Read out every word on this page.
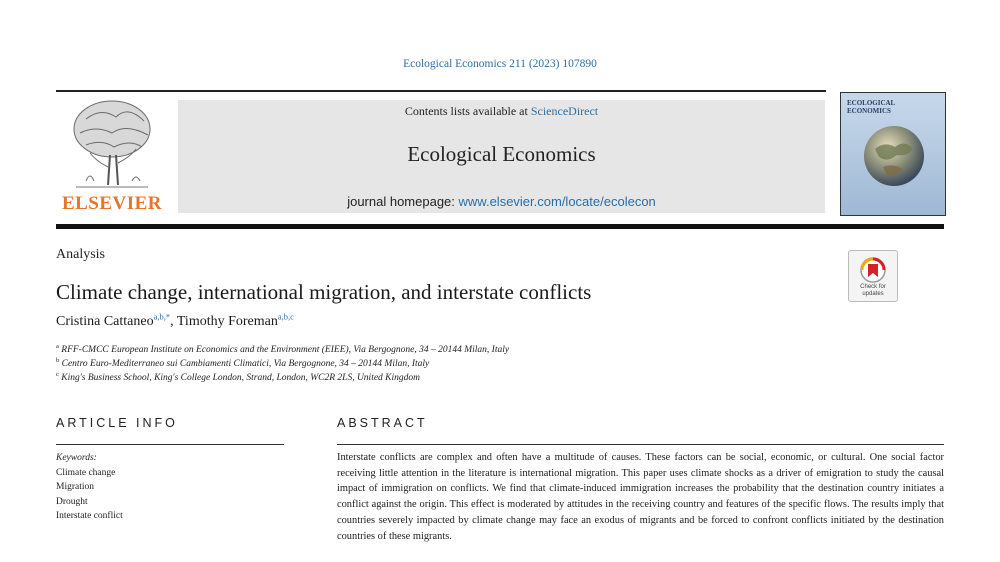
Ecological Economics 211 (2023) 107890
ELSEVIER
Contents lists available at ScienceDirect
Ecological Economics
journal homepage: www.elsevier.com/locate/ecolecon
ECOLOGICAL
ECONOMICS
Analysis
Check for updates
Climate change, international migration, and interstate conflicts
Cristina Cattaneo$^{a,b,*}$, Timothy Foreman$^{a,b,c}$
$^a$ RFF-CMCC European Institute on Economics and the Environment (EIEE), Via Bergognone, 34 – 20144 Milan, Italy
$^b$ Centro Euro-Mediterraneo sui Cambiamenti Climatici, Via Bergognone, 34 – 20144 Milan, Italy
$^c$ King's Business School, King's College London, Strand, London, WC2R 2LS, United Kingdom
ARTICLE INFO	ABSTRACT
Keywords:
Climate change
Migration
Drought
Interstate conflict
Interstate conflicts are complex and often have a multitude of causes. These factors can be social, economic, or cultural. One social factor receiving little attention in the literature is international migration. This paper uses climate shocks as a driver of emigration to study the causal impact of immigration on conflicts. We find that climate-induced immigration increases the probability that the destination country initiates a conflict against the origin. This effect is moderated by attitudes in the receiving country and features of the specific flows. The results imply that countries severely impacted by climate change may face an exodus of migrants and be forced to confront conflicts initiated by the destination countries of these migrants.
